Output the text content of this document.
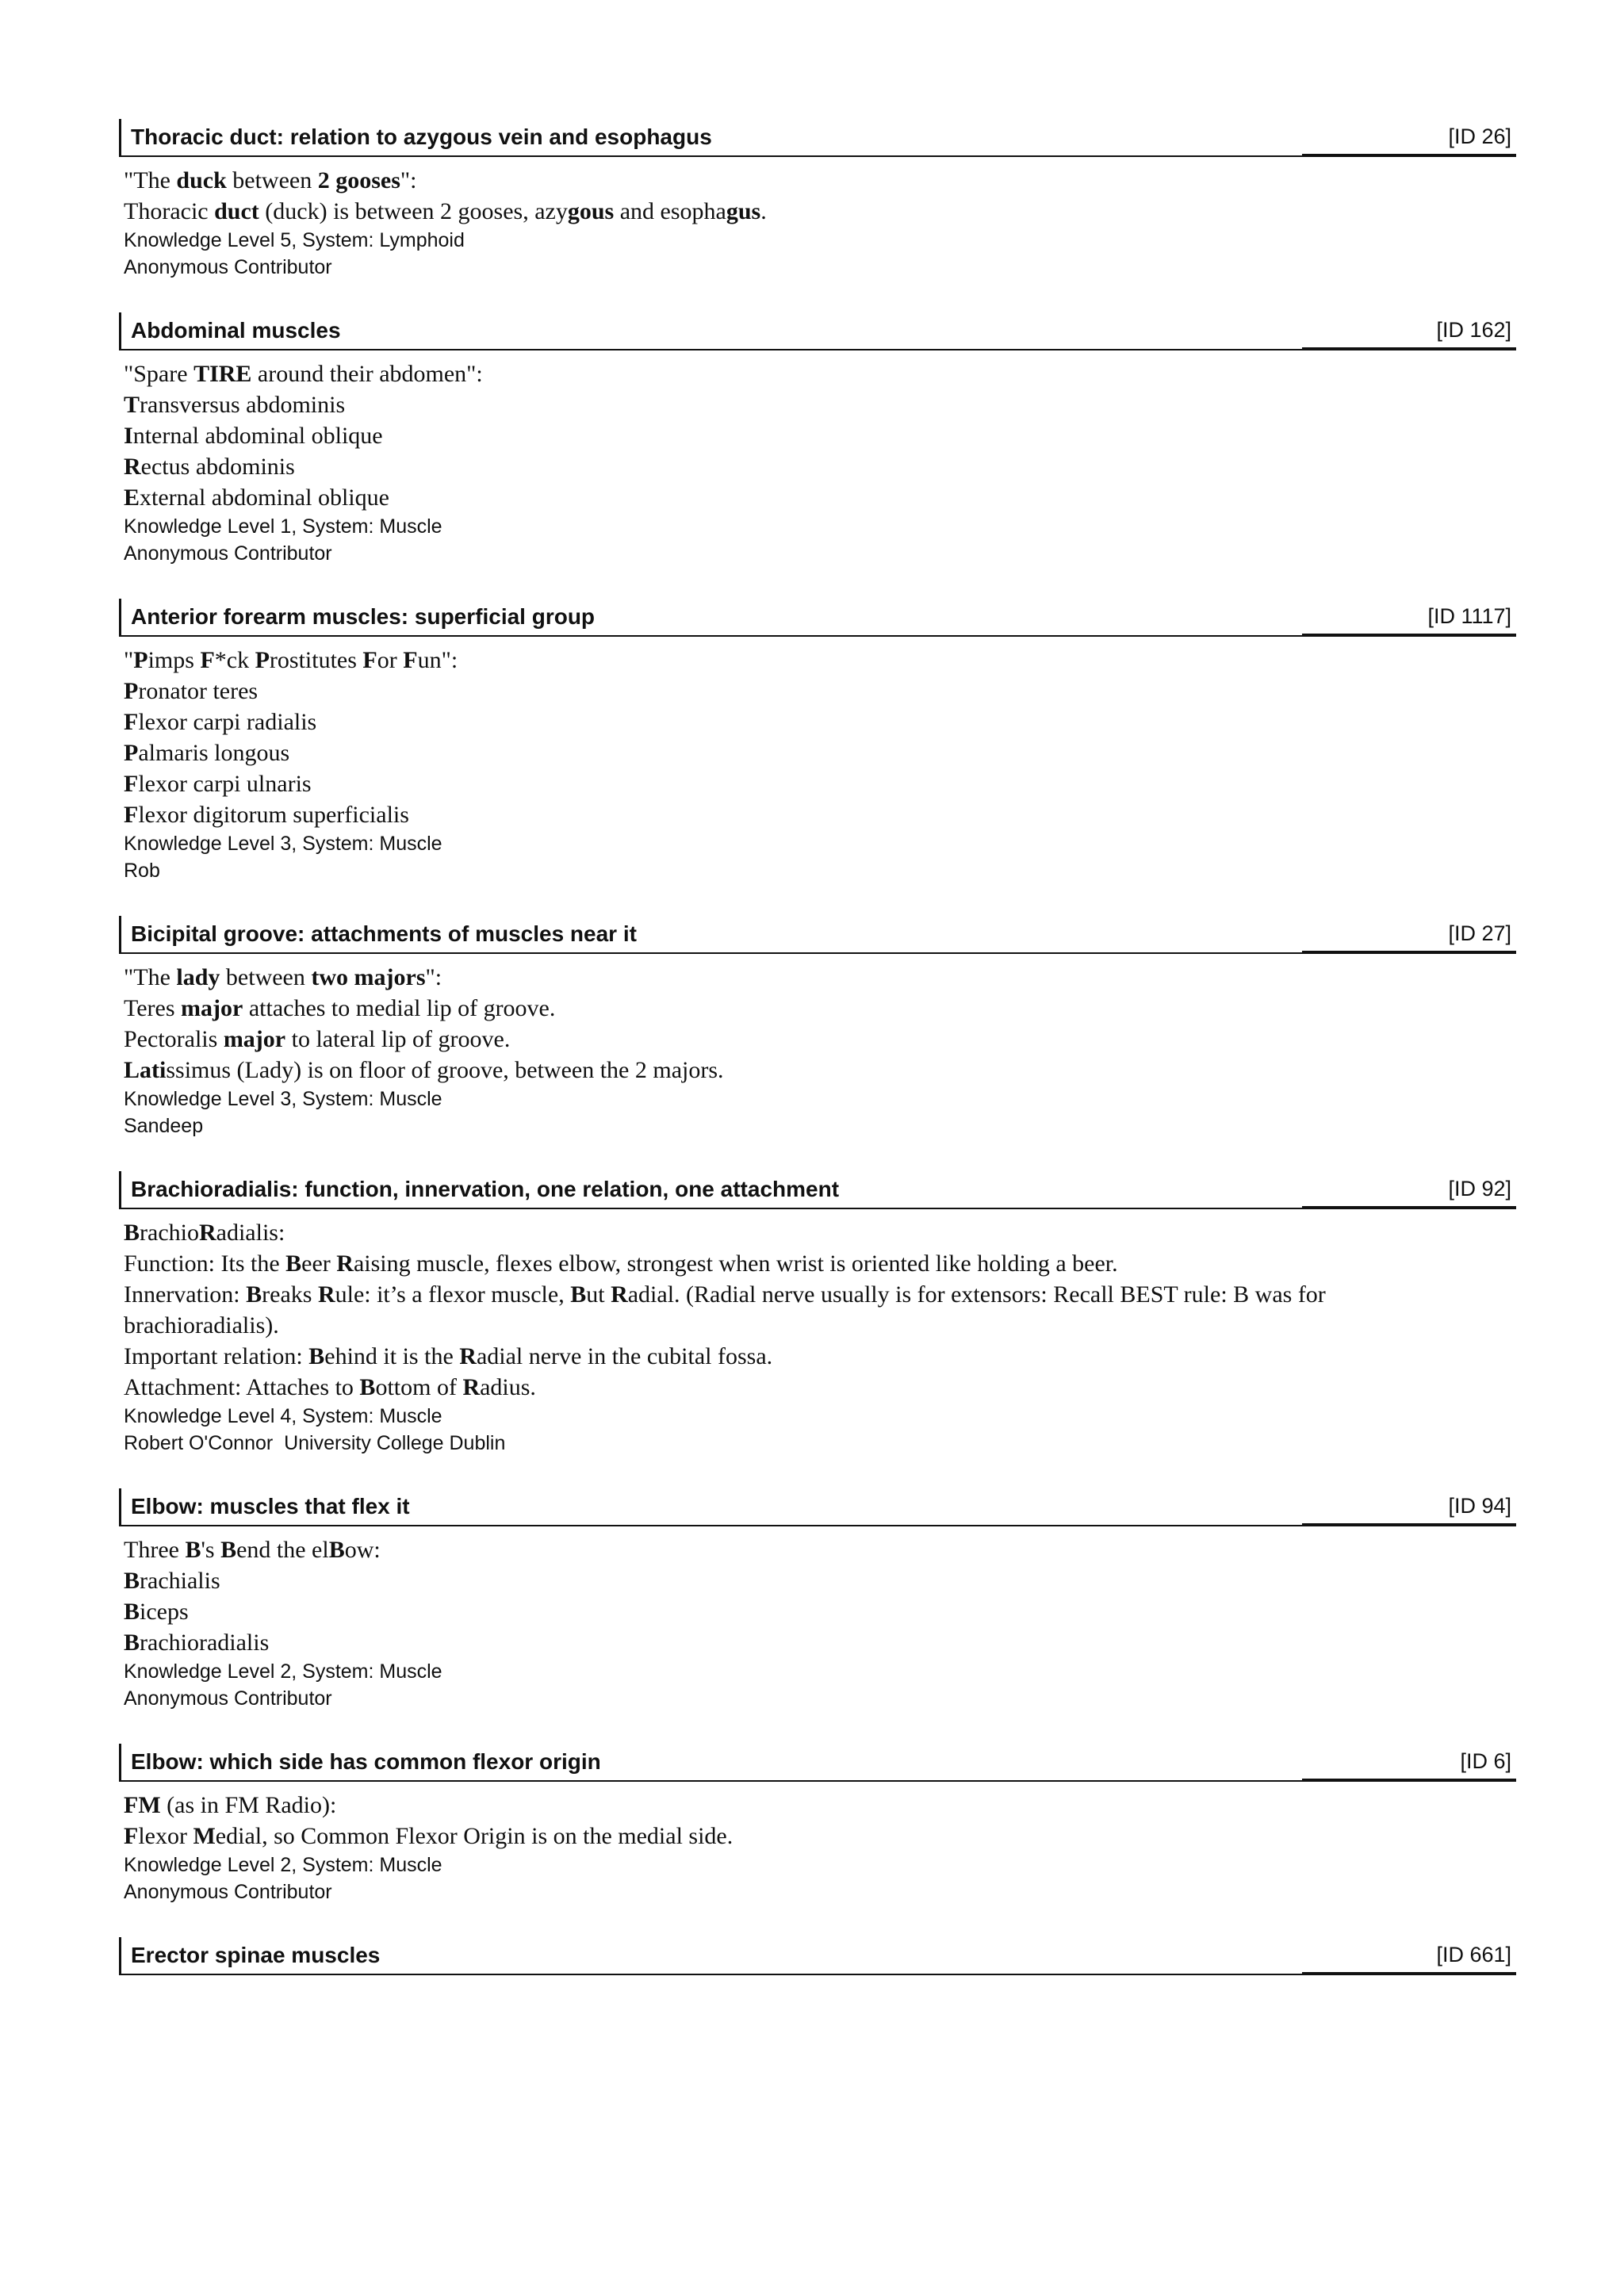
Thoracic duct: relation to azygous vein and esophagus	[ID 26]
"The duck between 2 gooses":
Thoracic duct (duck) is between 2 gooses, azygous and esophagus.
Knowledge Level 5, System: Lymphoid
Anonymous Contributor
Abdominal muscles	[ID 162]
"Spare TIRE around their abdomen":
Transversus abdominis
Internal abdominal oblique
Rectus abdominis
External abdominal oblique
Knowledge Level 1, System: Muscle
Anonymous Contributor
Anterior forearm muscles: superficial group	[ID 1117]
"Pimps F*ck Prostitutes For Fun":
Pronator teres
Flexor carpi radialis
Palmaris longous
Flexor carpi ulnaris
Flexor digitorum superficialis
Knowledge Level 3, System: Muscle
Rob
Bicipital groove: attachments of muscles near it	[ID 27]
"The lady between two majors":
Teres major attaches to medial lip of groove.
Pectoralis major to lateral lip of groove.
Latissimus (Lady) is on floor of groove, between the 2 majors.
Knowledge Level 3, System: Muscle
Sandeep
Brachioradialis: function, innervation, one relation, one attachment	[ID 92]
BrachioRadialis:
Function: Its the Beer Raising muscle, flexes elbow, strongest when wrist is oriented like holding a beer.
Innervation: Breaks Rule: it’s a flexor muscle, But Radial. (Radial nerve usually is for extensors: Recall BEST rule: B was for
brachioradialis).
Important relation: Behind it is the Radial nerve in the cubital fossa.
Attachment: Attaches to Bottom of Radius.
Knowledge Level 4, System: Muscle
Robert O'Connor  University College Dublin
Elbow: muscles that flex it	[ID 94]
Three B's Bend the elBow:
Brachialis
Biceps
Brachioradialis
Knowledge Level 2, System: Muscle
Anonymous Contributor
Elbow: which side has common flexor origin	[ID 6]
FM (as in FM Radio):
Flexor Medial, so Common Flexor Origin is on the medial side.
Knowledge Level 2, System: Muscle
Anonymous Contributor
Erector spinae muscles	[ID 661]
